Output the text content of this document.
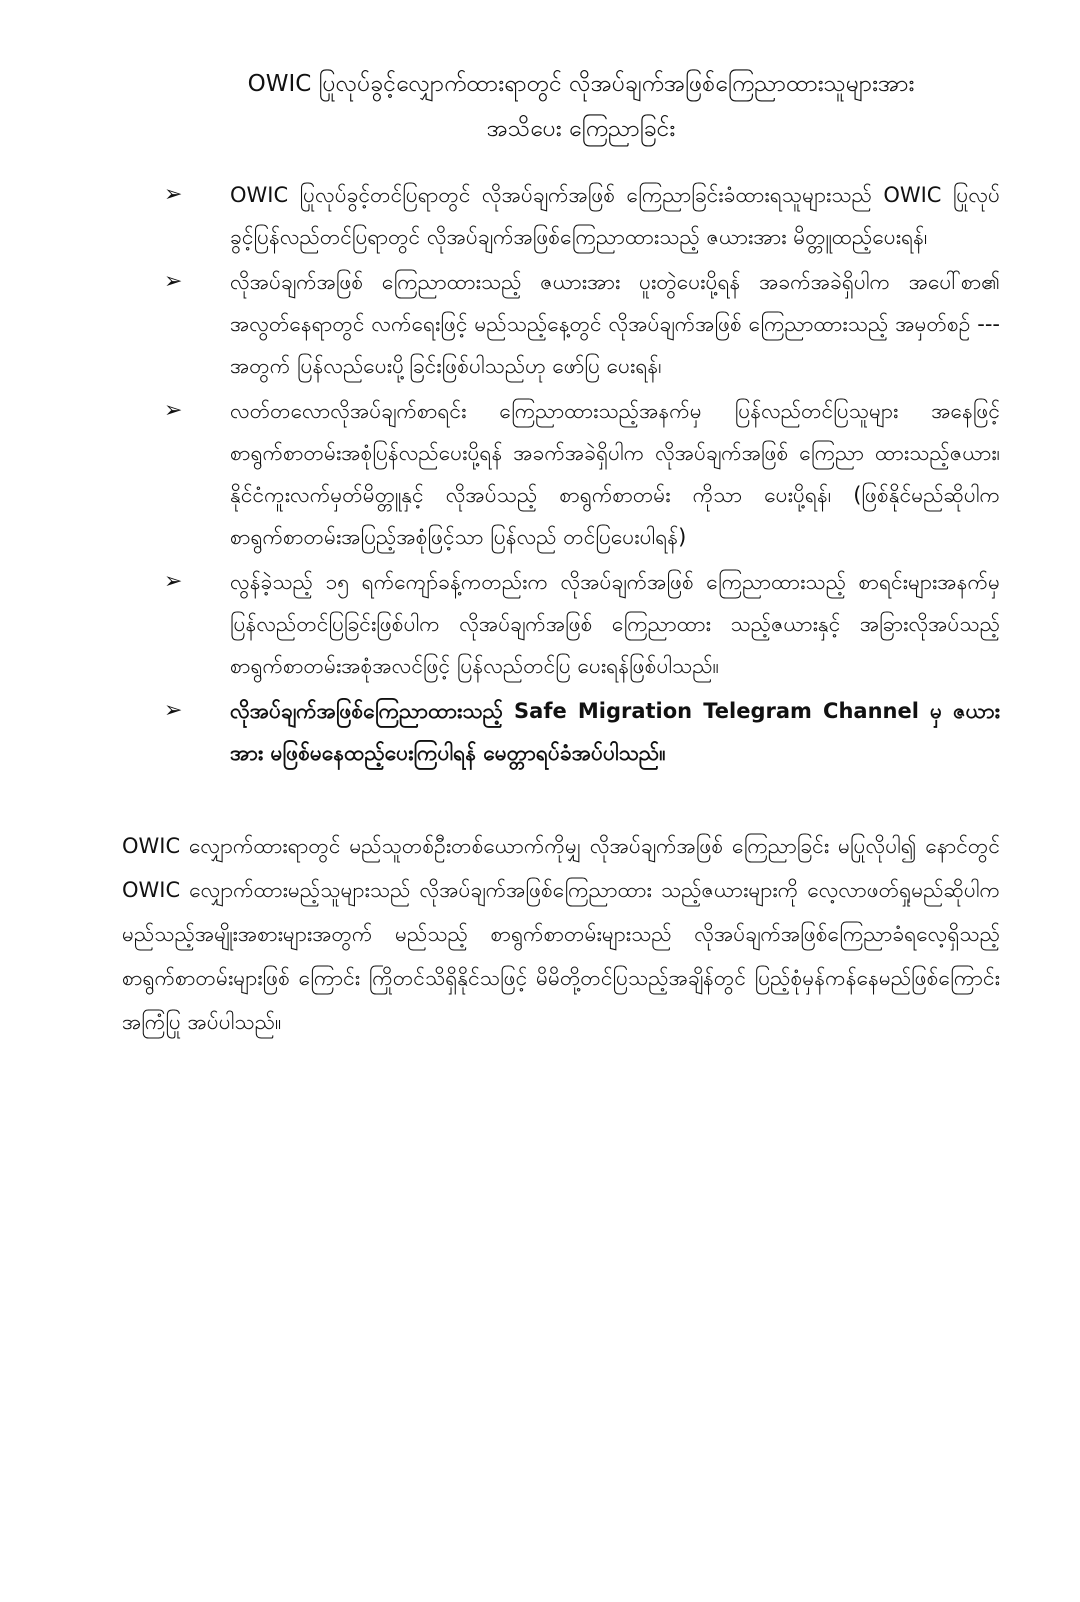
OWIC ပြုလုပ်ခွင့်လျှောက်ထားရာတွင် လိုအပ်ချက်အဖြစ်ကြေညာထားသူများအား
အသိပေး ကြေညာခြင်း
➢ OWIC ပြုလုပ်ခွင့်တင်ပြရာတွင် လိုအပ်ချက်အဖြစ် ကြေညာခြင်းခံထားရသူများသည် OWIC ပြုလုပ်ခွင့်ပြန်လည်တင်ပြရာတွင် လိုအပ်ချက်အဖြစ်ကြေညာထားသည့် ဇယားအား မိတ္တူထည့်ပေးရန်၊
➢ လိုအပ်ချက်အဖြစ် ကြေညာထားသည့် ဇယားအား ပူးတွဲပေးပို့ရန် အခက်အခဲရှိပါက အပေါ်စာ၏ အလွတ်နေရာတွင် လက်ရေးဖြင့် မည်သည့်နေ့တွင် လိုအပ်ချက်အဖြစ် ကြေညာထားသည့် အမှတ်စဉ် --- အတွက် ပြန်လည်ပေးပို့ခြင်းဖြစ်ပါသည်ဟု ဖော်ပြ ပေးရန်၊
➢ လတ်တလောလိုအပ်ချက်စာရင်း ကြေညာထားသည့်အနက်မှ ပြန်လည်တင်ပြသူများ အနေဖြင့် စာရွက်စာတမ်းအစုံပြန်လည်ပေးပို့ရန် အခက်အခဲရှိပါက လိုအပ်ချက်အဖြစ် ကြေညာ ထားသည့်ဇယား၊ နိုင်ငံကူးလက်မှတ်မိတ္တူနှင့် လိုအပ်သည့် စာရွက်စာတမ်း ကိုသာ ပေးပို့ရန်၊ (ဖြစ်နိုင်မည်ဆိုပါက စာရွက်စာတမ်းအပြည့်အစုံဖြင့်သာ ပြန်လည် တင်ပြပေးပါရန်)
➢ လွန်ခဲ့သည့် ၁၅ ရက်ကျော်ခန့်ကတည်းက လိုအပ်ချက်အဖြစ် ကြေညာထားသည့် စာရင်းများအနက်မှ ပြန်လည်တင်ပြခြင်းဖြစ်ပါက လိုအပ်ချက်အဖြစ် ကြေညာထား သည့်ဇယားနှင့် အခြားလိုအပ်သည့်စာရွက်စာတမ်းအစုံအလင်ဖြင့် ပြန်လည်တင်ပြ ပေးရန်ဖြစ်ပါသည်။
➢ လိုအပ်ချက်အဖြစ်ကြေညာထားသည့် Safe Migration Telegram Channel မှ ဇယား အား မဖြစ်မနေထည့်ပေးကြပါရန် မေတ္တာရပ်ခံအပ်ပါသည်။

OWIC လျှောက်ထားရာတွင် မည်သူတစ်ဦးတစ်ယောက်ကိုမျှ လိုအပ်ချက်အဖြစ် ကြေညာခြင်း မပြုလိုပါ၍ နောင်တွင် OWIC လျှောက်ထားမည့်သူများသည် လိုအပ်ချက်အဖြစ်ကြေညာထား သည့်ဇယားများကို လေ့လာဖတ်ရှုမည်ဆိုပါက မည်သည့်အမျိုးအစားများအတွက် မည်သည့် စာရွက်စာတမ်းများသည် လိုအပ်ချက်အဖြစ်ကြေညာခံရလေ့ရှိသည့် စာရွက်စာတမ်းများဖြစ် ကြောင်း ကြိုတင်သိရှိနိုင်သဖြင့် မိမိတို့တင်ပြသည့်အချိန်တွင် ပြည့်စုံမှန်ကန်နေမည်ဖြစ်ကြောင်း အကြံပြု အပ်ပါသည်။
